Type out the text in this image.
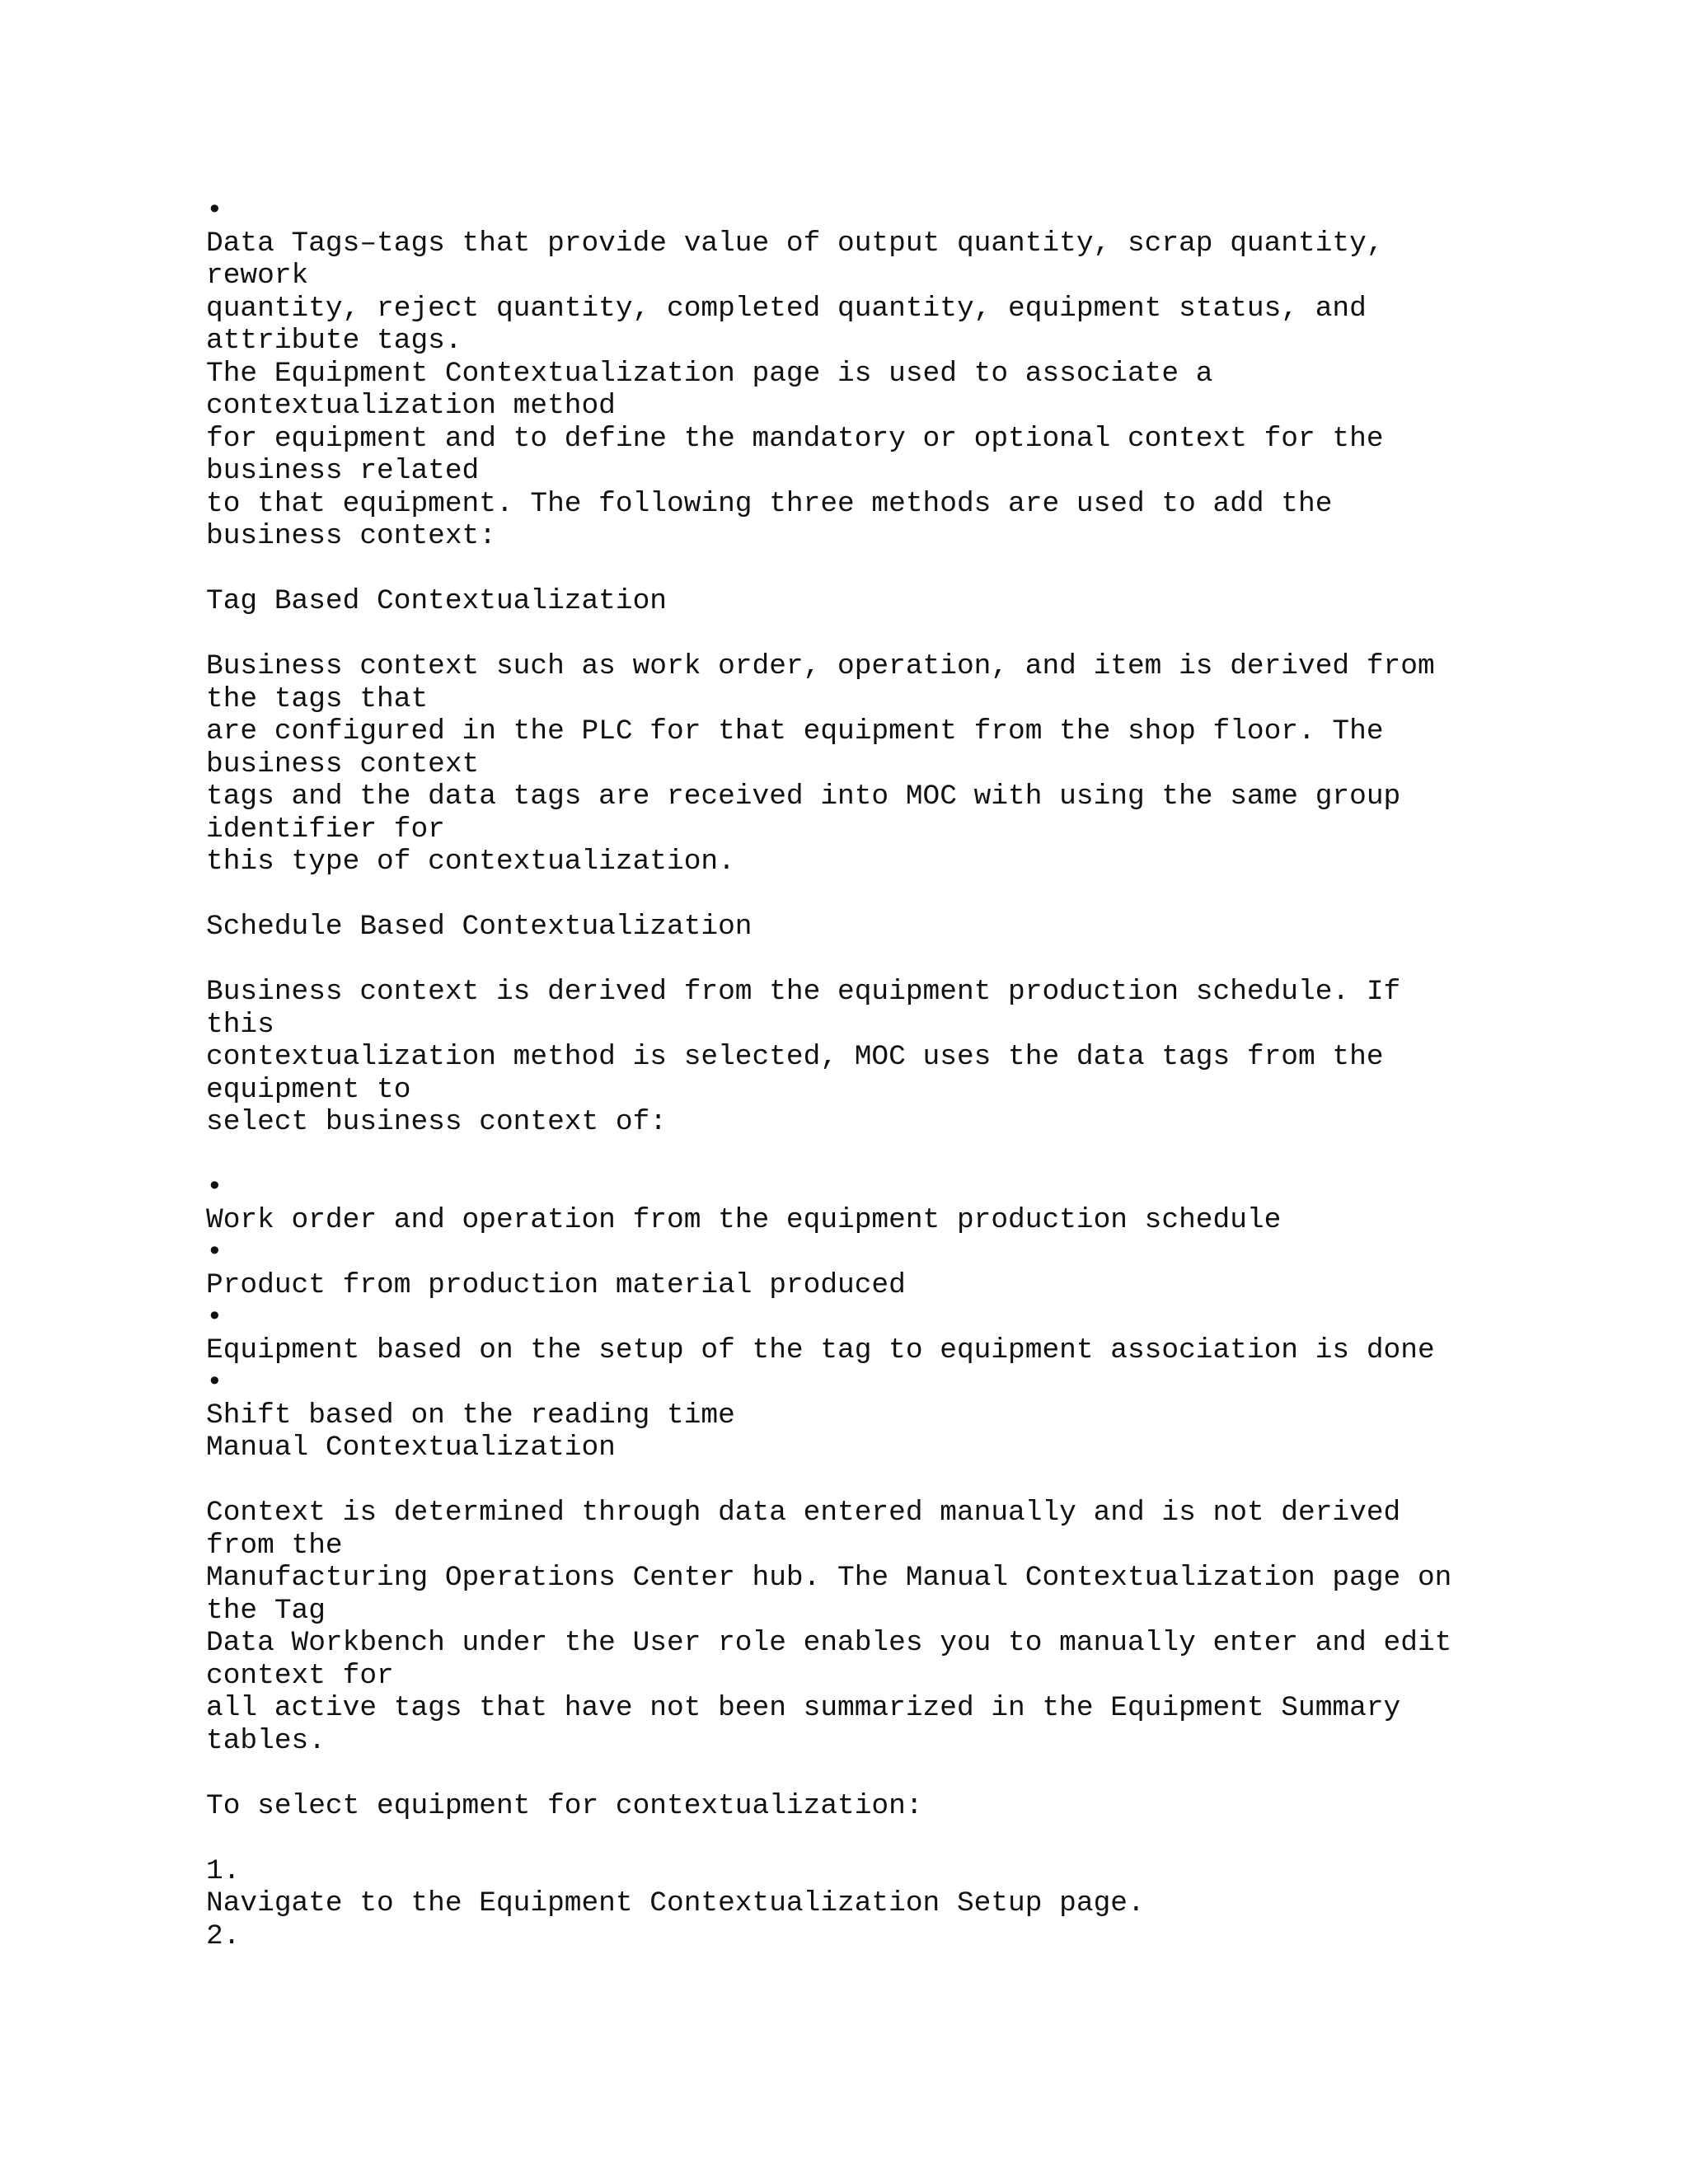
•
Data Tags–tags that provide value of output quantity, scrap quantity,
rework
quantity, reject quantity, completed quantity, equipment status, and
attribute tags.
The Equipment Contextualization page is used to associate a
contextualization method
for equipment and to define the mandatory or optional context for the
business related
to that equipment. The following three methods are used to add the
business context:
Tag Based Contextualization
Business context such as work order, operation, and item is derived from
the tags that
are configured in the PLC for that equipment from the shop floor. The
business context
tags and the data tags are received into MOC with using the same group
identifier for
this type of contextualization.
Schedule Based Contextualization
Business context is derived from the equipment production schedule. If
this
contextualization method is selected, MOC uses the data tags from the
equipment to
select business context of:
•
Work order and operation from the equipment production schedule
•
Product from production material produced
•
Equipment based on the setup of the tag to equipment association is done
•
Shift based on the reading time
Manual Contextualization
Context is determined through data entered manually and is not derived
from the
Manufacturing Operations Center hub. The Manual Contextualization page on
the Tag
Data Workbench under the User role enables you to manually enter and edit
context for
all active tags that have not been summarized in the Equipment Summary
tables.
To select equipment for contextualization:
1.
Navigate to the Equipment Contextualization Setup page.
2.
